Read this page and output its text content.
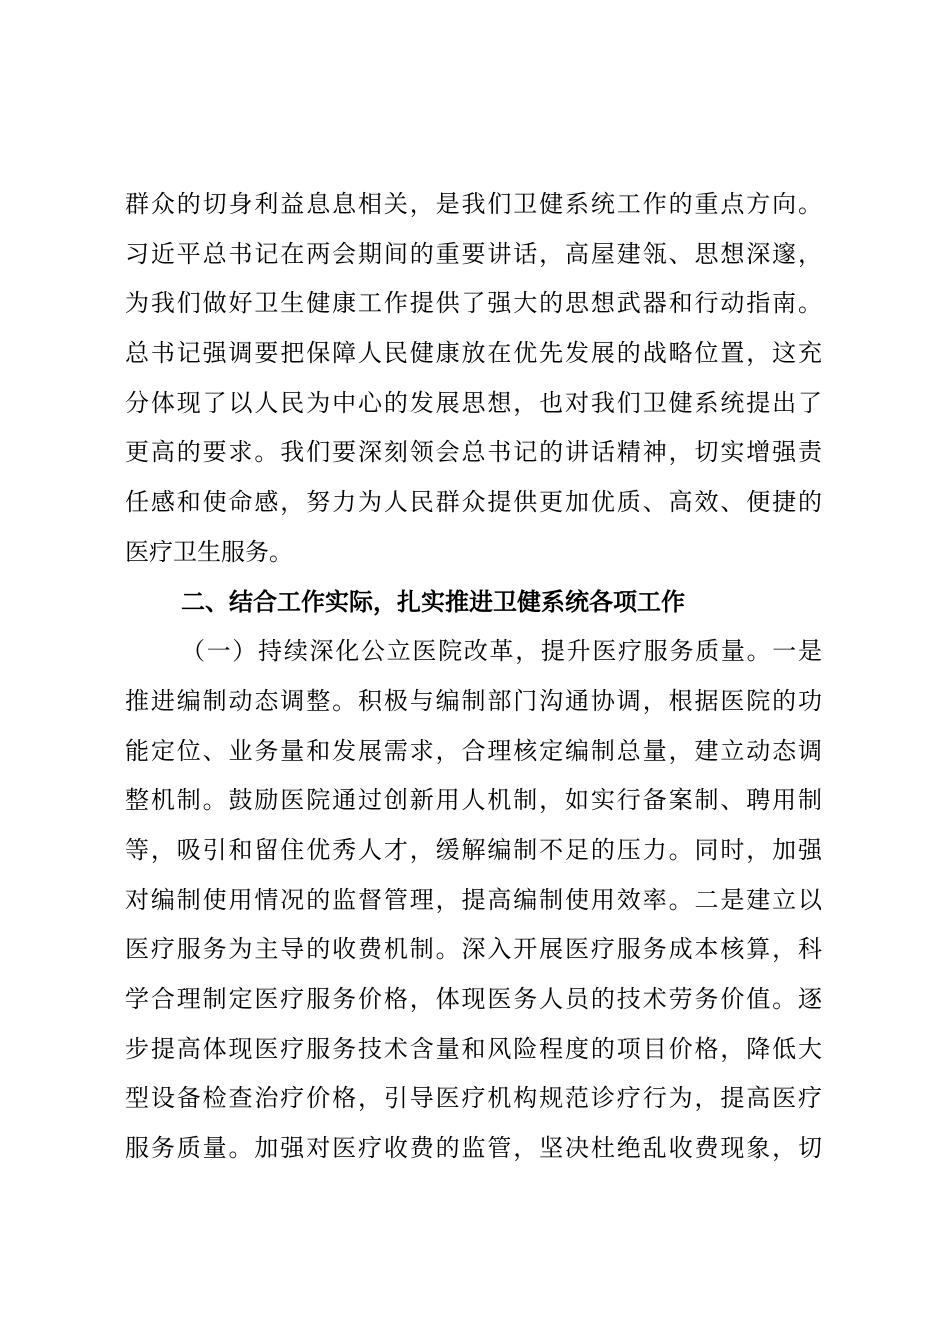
群众的切身利益息息相关，是我们卫健系统工作的重点方向。
习近平总书记在两会期间的重要讲话，高屋建瓴、思想深邃，
为我们做好卫生健康工作提供了强大的思想武器和行动指南。
总书记强调要把保障人民健康放在优先发展的战略位置，这充
分体现了以人民为中心的发展思想，也对我们卫健系统提出了
更高的要求。我们要深刻领会总书记的讲话精神，切实增强责
任感和使命感，努力为人民群众提供更加优质、高效、便捷的
医疗卫生服务。
二、结合工作实际，扎实推进卫健系统各项工作
（一）持续深化公立医院改革，提升医疗服务质量。一是
推进编制动态调整。积极与编制部门沟通协调，根据医院的功
能定位、业务量和发展需求，合理核定编制总量，建立动态调
整机制。鼓励医院通过创新用人机制，如实行备案制、聘用制
等，吸引和留住优秀人才，缓解编制不足的压力。同时，加强
对编制使用情况的监督管理，提高编制使用效率。二是建立以
医疗服务为主导的收费机制。深入开展医疗服务成本核算，科
学合理制定医疗服务价格，体现医务人员的技术劳务价值。逐
步提高体现医疗服务技术含量和风险程度的项目价格，降低大
型设备检查治疗价格，引导医疗机构规范诊疗行为，提高医疗
服务质量。加强对医疗收费的监管，坚决杜绝乱收费现象，切
